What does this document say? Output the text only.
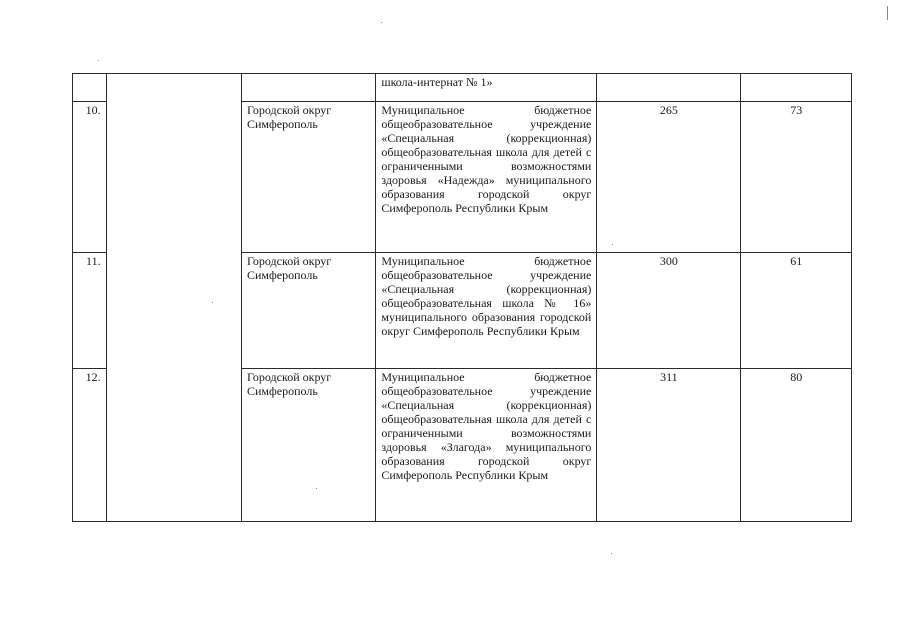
			школа-интернат № 1»		
10.		Городской округ Симферополь	Муниципальное бюджетное общеобразовательное учреждение «Специальная (коррекционная) общеобразовательная школа для детей с ограниченными возможностями здоровья «Надежда» муниципального образования городской округ Симферополь Республики Крым	265	73
11.		Городской округ Симферополь	Муниципальное бюджетное общеобразовательное учреждение «Специальная (коррекционная) общеобразовательная школа № 16» муниципального образования городской округ Симферополь Республики Крым	300	61
12.		Городской округ Симферополь	Муниципальное бюджетное общеобразовательное учреждение «Специальная (коррекционная) общеобразовательная школа для детей с ограниченными возможностями здоровья «Злагода» муниципального образования городской округ Симферополь Республики Крым	311	80
